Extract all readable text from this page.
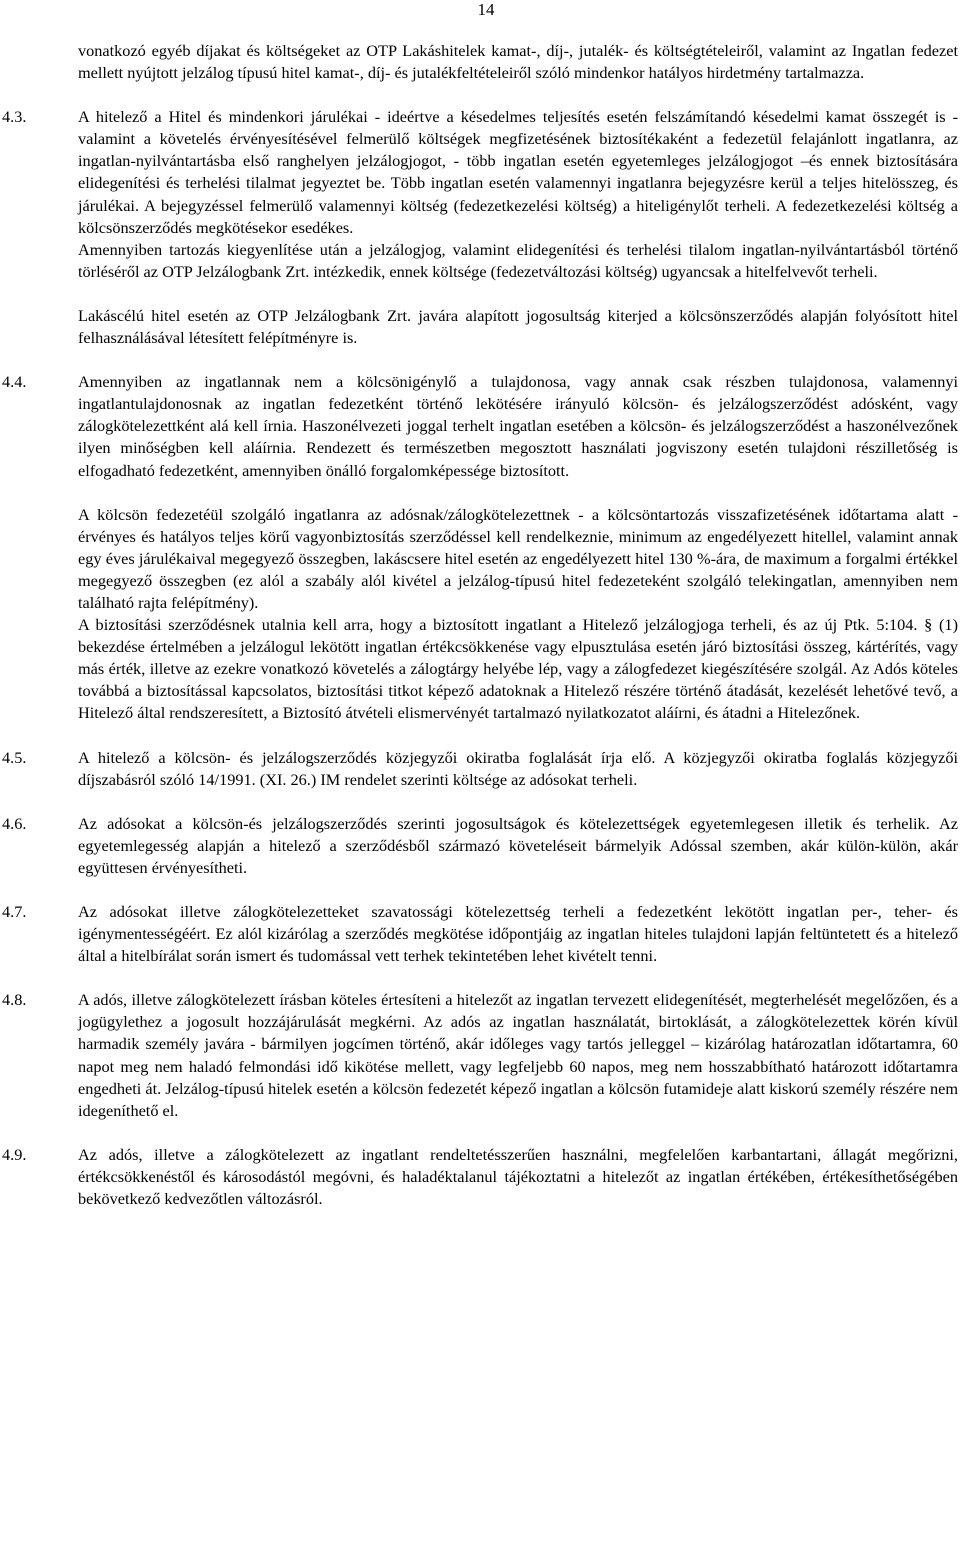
14

vonatkozó egyéb díjakat és költségeket az OTP Lakáshitelek kamat-, díj-, jutalék- és költségtételeiről, valamint az Ingatlan fedezet mellett nyújtott jelzálog típusú hitel kamat-, díj- és jutalékfeltételeiről szóló mindenkor hatályos hirdetmény tartalmazza.

4.3.	A hitelező a Hitel és mindenkori járulékai - ideértve a késedelmes teljesítés esetén felszámítandó késedelmi kamat összegét is - valamint a követelés érvényesítésével felmerülő költségek megfizetésének biztosítékaként a fedezetül felajánlott ingatlanra, az ingatlan-nyilvántartásba első ranghelyen jelzálogjogot, - több ingatlan esetén egyetemleges jelzálogjogot –és ennek biztosítására elidegenítési és terhelési tilalmat jegyeztet be. Több ingatlan esetén valamennyi ingatlanra bejegyzésre kerül a teljes hitelösszeg, és járulékai. A bejegyzéssel felmerülő valamennyi költség (fedezetkezelési költség) a hiteligénylőt terheli. A fedezetkezelési költség a kölcsönszerződés megkötésekor esedékes.
Amennyiben tartozás kiegyenlítése után a jelzálogjog, valamint elidegenítési és terhelési tilalom ingatlan-nyilvántartásból történő törléséről az OTP Jelzálogbank Zrt. intézkedik, ennek költsége (fedezetváltozási költség) ugyancsak a hitelfelvevőt terheli.
Lakáscélú hitel esetén az OTP Jelzálogbank Zrt. javára alapított jogosultság kiterjed a kölcsönszerződés alapján folyósított hitel felhasználásával létesített felépítményre is.
4.4.	Amennyiben az ingatlannak nem a kölcsönigénylő a tulajdonosa, vagy annak csak részben tulajdonosa, valamennyi ingatlantulajdonosnak az ingatlan fedezetként történő lekötésére irányuló kölcsön- és jelzálogszerződést adósként, vagy zálogkötelezettként alá kell írnia. Haszonélvezeti joggal terhelt ingatlan esetében a kölcsön- és jelzálogszerződést a haszonélvezőnek ilyen minőségben kell aláírnia. Rendezett és természetben megosztott használati jogviszony esetén tulajdoni részilletőség is elfogadható fedezetként, amennyiben önálló forgalomképessége biztosított.
A kölcsön fedezetéül szolgáló ingatlanra az adósnak/zálogkötelezettnek - a kölcsöntartozás visszafizetésének időtartama alatt - érvényes és hatályos teljes körű vagyonbiztosítás szerződéssel kell rendelkeznie, minimum az engedélyezett hitellel, valamint annak egy éves járulékaival megegyező összegben, lakáscsere hitel esetén az engedélyezett hitel 130 %-ára, de maximum a forgalmi értékkel megegyező összegben (ez alól a szabály alól kivétel a jelzálog-típusú hitel fedezeteként szolgáló telekingatlan, amennyiben nem található rajta felépítmény).
A biztosítási szerződésnek utalnia kell arra, hogy a biztosított ingatlant a Hitelező jelzálogjoga terheli, és az új Ptk. 5:104. § (1) bekezdése értelmében a jelzálogul lekötött ingatlan értékcsökkenése vagy elpusztulása esetén járó biztosítási összeg, kártérítés, vagy más érték, illetve az ezekre vonatkozó követelés a zálogtárgy helyébe lép, vagy a zálogfedezet kiegészítésére szolgál. Az Adós köteles továbbá a biztosítással kapcsolatos, biztosítási titkot képező adatoknak a Hitelező részére történő átadását, kezelését lehetővé tevő, a Hitelező által rendszeresített, a Biztosító átvételi elismervényét tartalmazó nyilatkozatot aláírni, és átadni a Hitelezőnek.
4.5.	A hitelező a kölcsön- és jelzálogszerződés közjegyzői okiratba foglalását írja elő. A közjegyzői okiratba foglalás közjegyzői díjszabásról szóló 14/1991. (XI. 26.) IM rendelet szerinti költsége az adósokat terheli.
4.6.	Az adósokat a kölcsön-és jelzálogszerződés szerinti jogosultságok és kötelezettségek egyetemlegesen illetik és terhelik. Az egyetemlegesség alapján a hitelező a szerződésből származó követeléseit bármelyik Adóssal szemben, akár külön-külön, akár együttesen érvényesítheti.
4.7.	Az adósokat illetve zálogkötelezetteket szavatossági kötelezettség terheli a fedezetként lekötött ingatlan per-, teher- és igénymentességéért. Ez alól kizárólag a szerződés megkötése időpontjáig az ingatlan hiteles tulajdoni lapján feltüntetett és a hitelező által a hitelbírálat során ismert és tudomással vett terhek tekintetében lehet kivételt tenni.
4.8.	A adós, illetve zálogkötelezett írásban köteles értesíteni a hitelezőt az ingatlan tervezett elidegenítését, megterhelését megelőzően, és a jogügylethez a jogosult hozzájárulását megkérni. Az adós az ingatlan használatát, birtoklását, a zálogkötelezettek körén kívül harmadik személy javára - bármilyen jogcímen történő, akár időleges vagy tartós jelleggel – kizárólag határozatlan időtartamra, 60 napot meg nem haladó felmondási idő kikötése mellett, vagy legfeljebb 60 napos, meg nem hosszabbítható határozott időtartamra engedheti át. Jelzálog-típusú hitelek esetén a kölcsön fedezetét képező ingatlan a kölcsön futamideje alatt kiskorú személy részére nem idegeníthető el.
4.9.	Az adós, illetve a zálogkötelezett az ingatlant rendeltetésszerűen használni, megfelelően karbantartani, állagát megőrizni, értékcsökkenéstől és károsodástól megóvni, és haladéktalanul tájékoztatni a hitelezőt az ingatlan értékében, értékesíthetőségében bekövetkező kedvezőtlen változásról.
